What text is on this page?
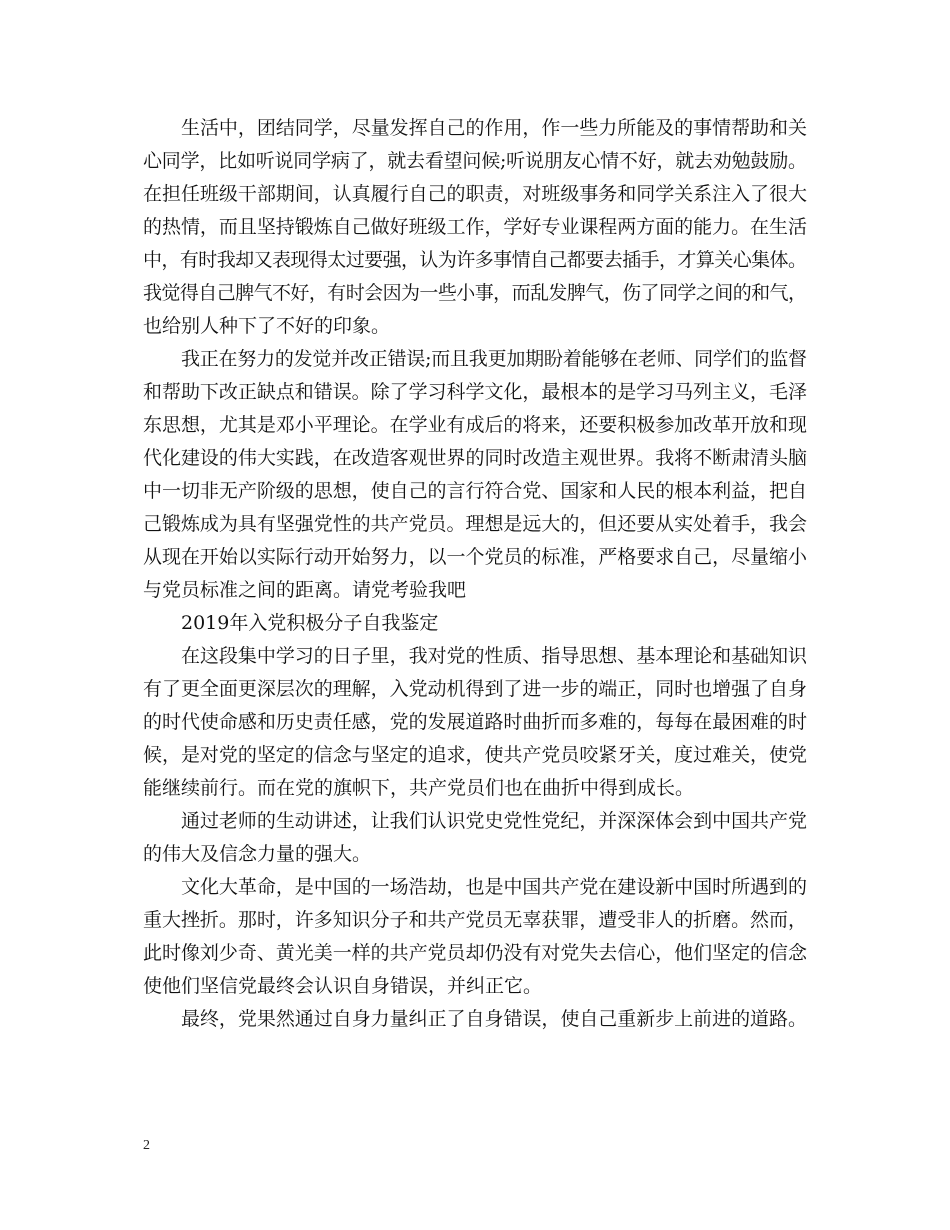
生活中，团结同学，尽量发挥自己的作用，作一些力所能及的事情帮助和关
心同学，比如听说同学病了，就去看望问候;听说朋友心情不好，就去劝勉鼓励。
在担任班级干部期间，认真履行自己的职责，对班级事务和同学关系注入了很大
的热情，而且坚持锻炼自己做好班级工作，学好专业课程两方面的能力。在生活
中，有时我却又表现得太过要强，认为许多事情自己都要去插手，才算关心集体。
我觉得自己脾气不好，有时会因为一些小事，而乱发脾气，伤了同学之间的和气，
也给别人种下了不好的印象。
我正在努力的发觉并改正错误;而且我更加期盼着能够在老师、同学们的监督
和帮助下改正缺点和错误。除了学习科学文化，最根本的是学习马列主义，毛泽
东思想，尤其是邓小平理论。在学业有成后的将来，还要积极参加改革开放和现
代化建设的伟大实践，在改造客观世界的同时改造主观世界。我将不断肃清头脑
中一切非无产阶级的思想，使自己的言行符合党、国家和人民的根本利益，把自
己锻炼成为具有坚强党性的共产党员。理想是远大的，但还要从实处着手，我会
从现在开始以实际行动开始努力，以一个党员的标准，严格要求自己，尽量缩小
与党员标准之间的距离。请党考验我吧
2019年入党积极分子自我鉴定
在这段集中学习的日子里，我对党的性质、指导思想、基本理论和基础知识
有了更全面更深层次的理解，入党动机得到了进一步的端正，同时也增强了自身
的时代使命感和历史责任感，党的发展道路时曲折而多难的，每每在最困难的时
候，是对党的坚定的信念与坚定的追求，使共产党员咬紧牙关，度过难关，使党
能继续前行。而在党的旗帜下，共产党员们也在曲折中得到成长。
通过老师的生动讲述，让我们认识党史党性党纪，并深深体会到中国共产党
的伟大及信念力量的强大。
文化大革命，是中国的一场浩劫，也是中国共产党在建设新中国时所遇到的
重大挫折。那时，许多知识分子和共产党员无辜获罪，遭受非人的折磨。然而，
此时像刘少奇、黄光美一样的共产党员却仍没有对党失去信心，他们坚定的信念
使他们坚信党最终会认识自身错误，并纠正它。
最终，党果然通过自身力量纠正了自身错误，使自己重新步上前进的道路。
2
